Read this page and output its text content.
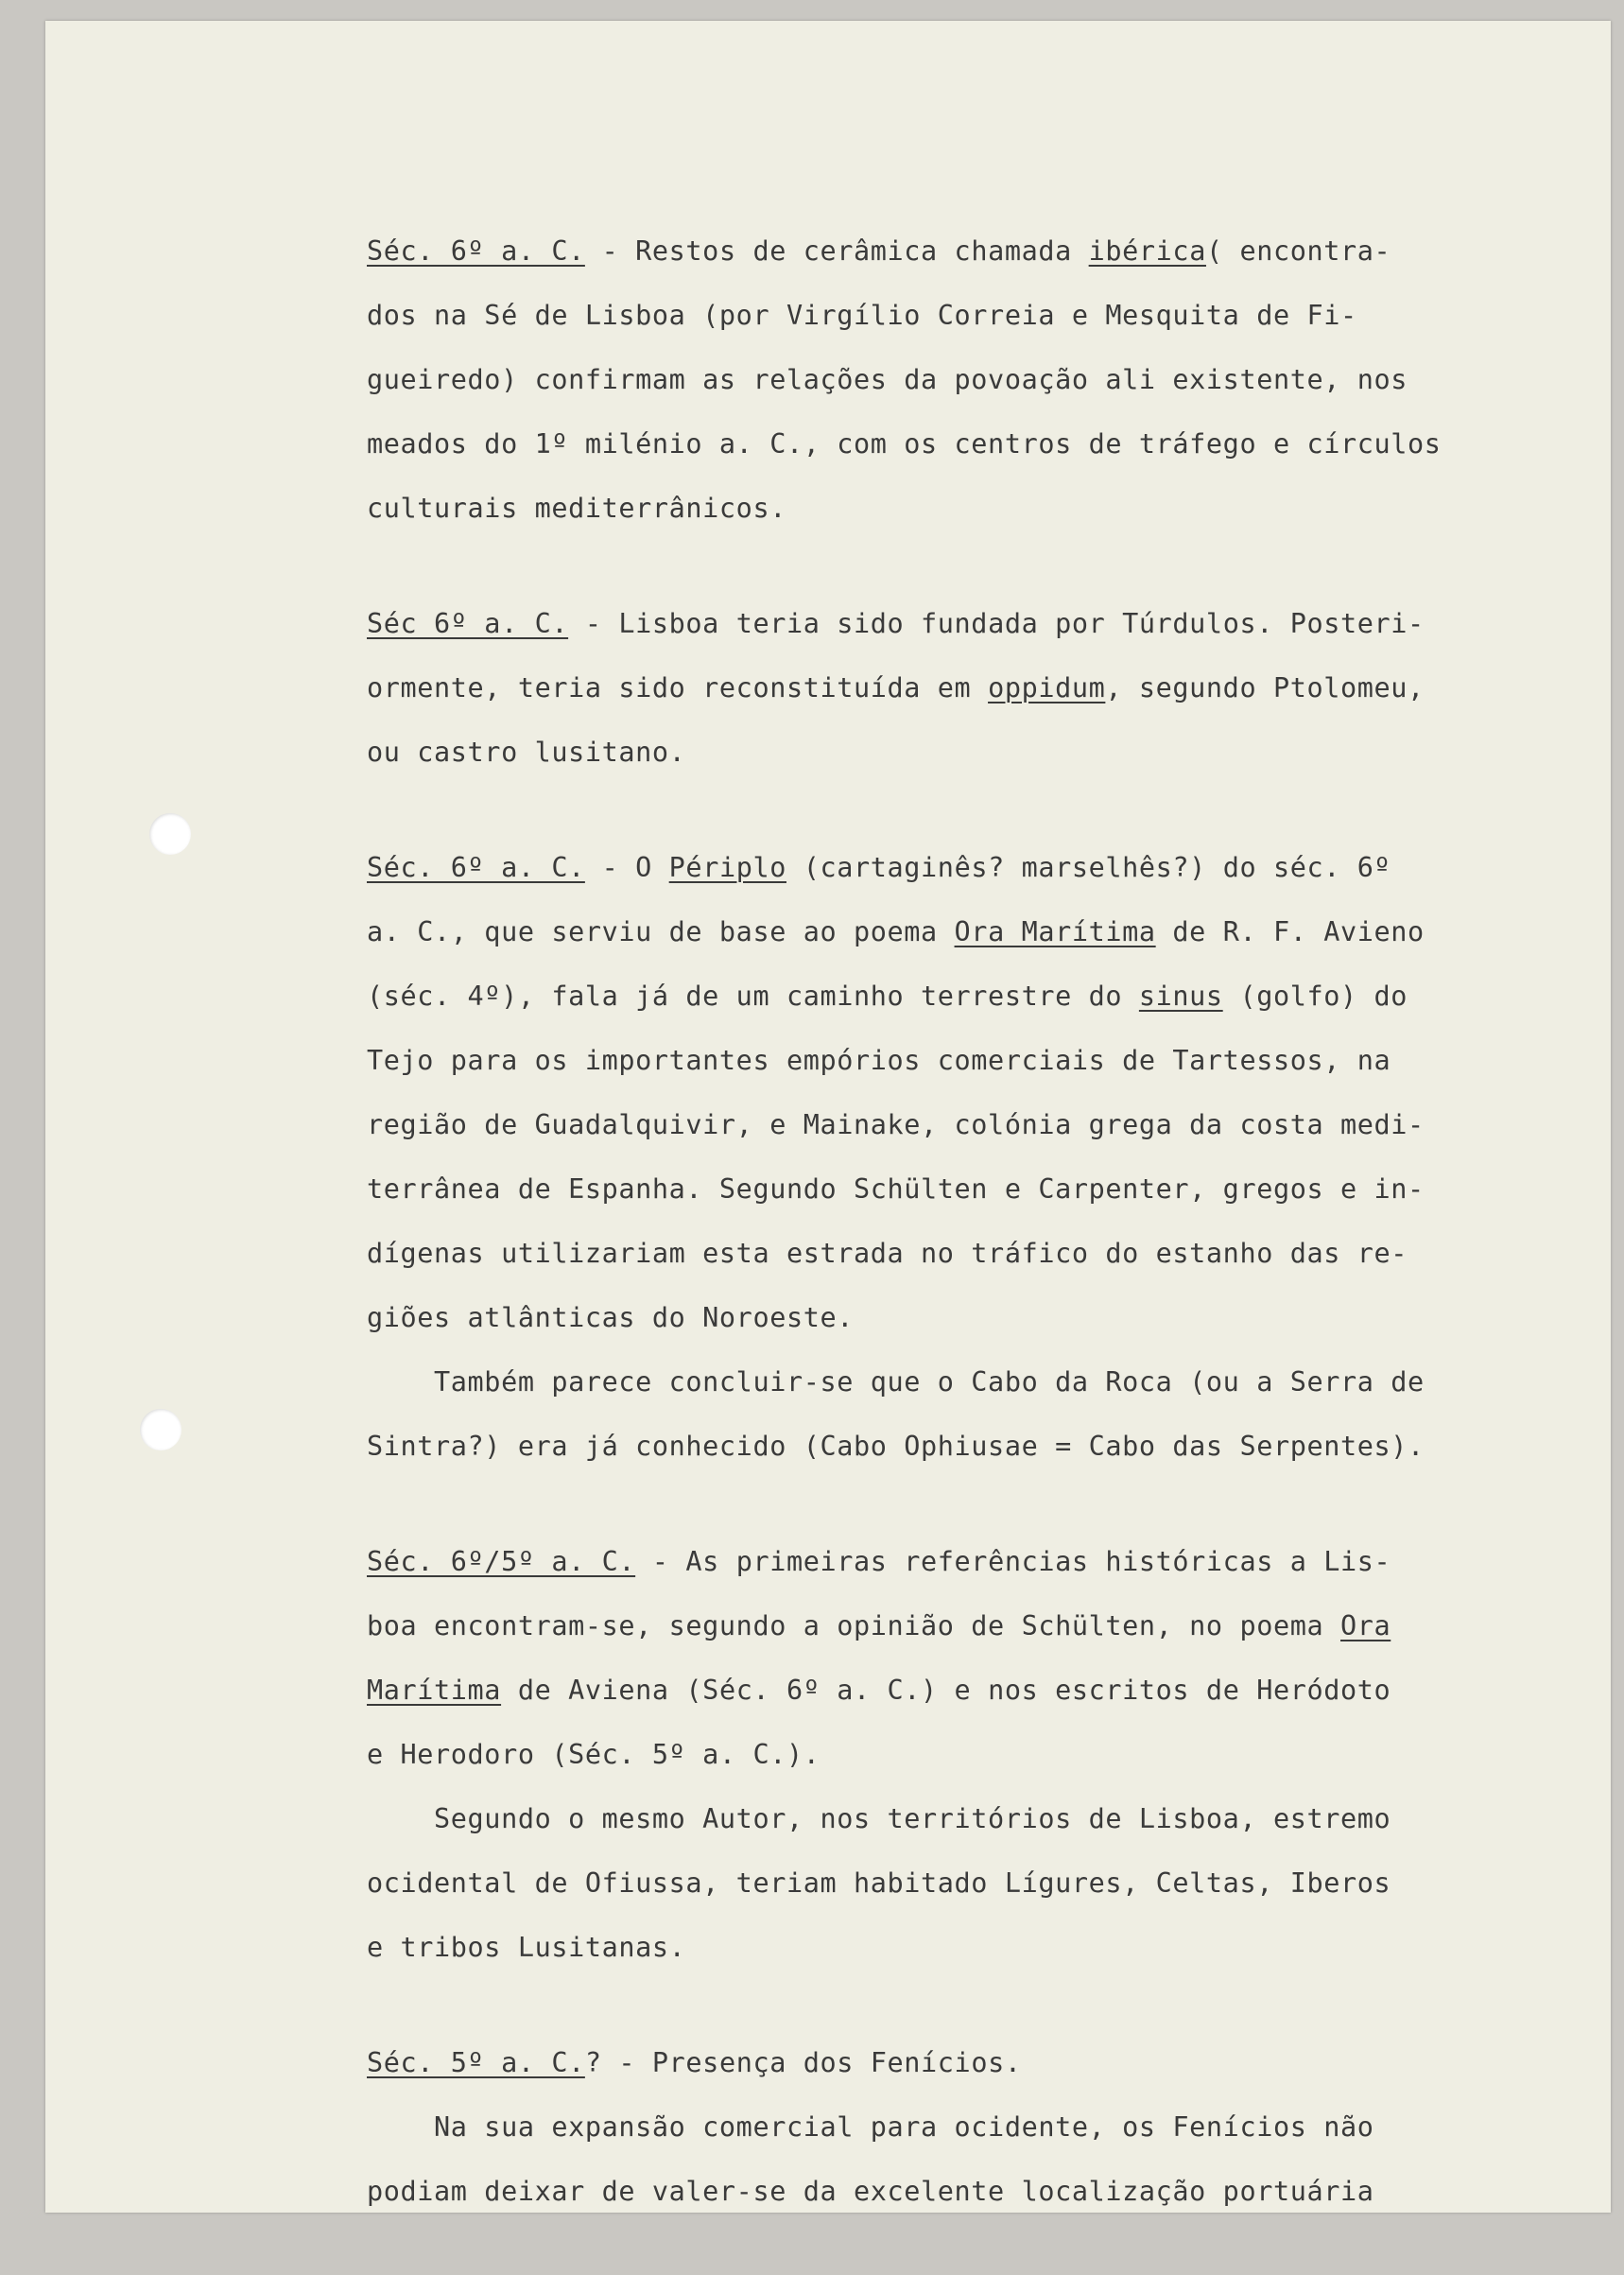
Séc. 6º a. C. - Restos de cerâmica chamada ibérica( encontra-
dos na Sé de Lisboa (por Virgílio Correia e Mesquita de Fi-
gueiredo) confirmam as relações da povoação ali existente, nos
meados do 1º milénio a. C., com os centros de tráfego e círculos
culturais mediterrânicos.
Séc 6º a. C. - Lisboa teria sido fundada por Túrdulos. Posteri-
ormente, teria sido reconstituída em oppidum, segundo Ptolomeu,
ou castro lusitano.
Séc. 6º a. C. - O Périplo (cartaginês? marselhês?) do séc. 6º
a. C., que serviu de base ao poema Ora Marítima de R. F. Avieno
(séc. 4º), fala já de um caminho terrestre do sinus (golfo) do
Tejo para os importantes empórios comerciais de Tartessos, na
região de Guadalquivir, e Mainake, colónia grega da costa medi-
terrânea de Espanha. Segundo Schülten e Carpenter, gregos e in-
dígenas utilizariam esta estrada no tráfico do estanho das re-
giões atlânticas do Noroeste.
Também parece concluir-se que o Cabo da Roca (ou a Serra de
Sintra?) era já conhecido (Cabo Ophiusae = Cabo das Serpentes).
Séc. 6º/5º a. C. - As primeiras referências históricas a Lis-
boa encontram-se, segundo a opinião de Schülten, no poema Ora
Marítima de Aviena (Séc. 6º a. C.) e nos escritos de Heródoto
e Herodoro (Séc. 5º a. C.).
Segundo o mesmo Autor, nos territórios de Lisboa, estremo
ocidental de Ofiussa, teriam habitado Lígures, Celtas, Iberos
e tribos Lusitanas.
Séc. 5º a. C.? - Presença dos Fenícios.
Na sua expansão comercial para ocidente, os Fenícios não
podiam deixar de valer-se da excelente localização portuária
